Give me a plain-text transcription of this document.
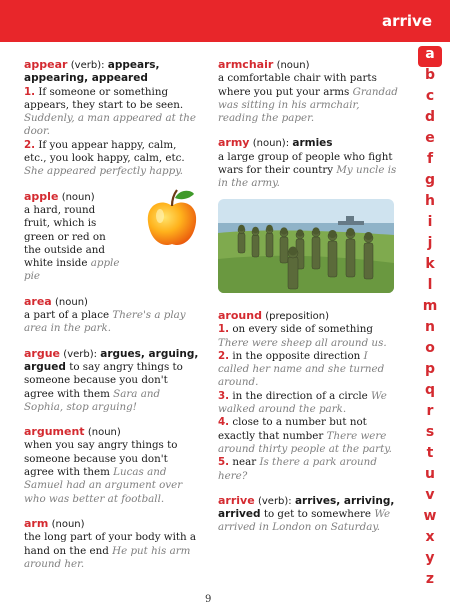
arrive
appear (verb): appears, appearing, appeared
1. If someone or something appears, they start to be seen. Suddenly, a man appeared at the door.
2. If you appear happy, calm, etc., you look happy, calm, etc. She appeared perfectly happy.
apple (noun)
a hard, round fruit, which is green or red on the outside and white inside apple pie
area (noun)
a part of a place There's a play area in the park.
argue (verb): argues, arguing, argued to say angry things to someone because you don't agree with them Sara and Sophia, stop arguing!
argument (noun)
when you say angry things to someone because you don't agree with them Lucas and Samuel had an argument over who was better at football.
arm (noun)
the long part of your body with a hand on the end He put his arm around her.
armchair (noun)
a comfortable chair with parts where you put your arms Grandad was sitting in his armchair, reading the paper.
army (noun): armies
a large group of people who fight wars for their country My uncle is in the army.
around (preposition)
1. on every side of something There were sheep all around us.
2. in the opposite direction I called her name and she turned around.
3. in the direction of a circle We walked around the park.
4. close to a number but not exactly that number There were around thirty people at the party.
5. near Is there a park around here?
arrive (verb): arrives, arriving, arrived to get to somewhere We arrived in London on Saturday.
a
b
c
d
e
f
g
h
i
j
k
l
m
n
o
p
q
r
s
t
u
v
w
x
y
z
9
